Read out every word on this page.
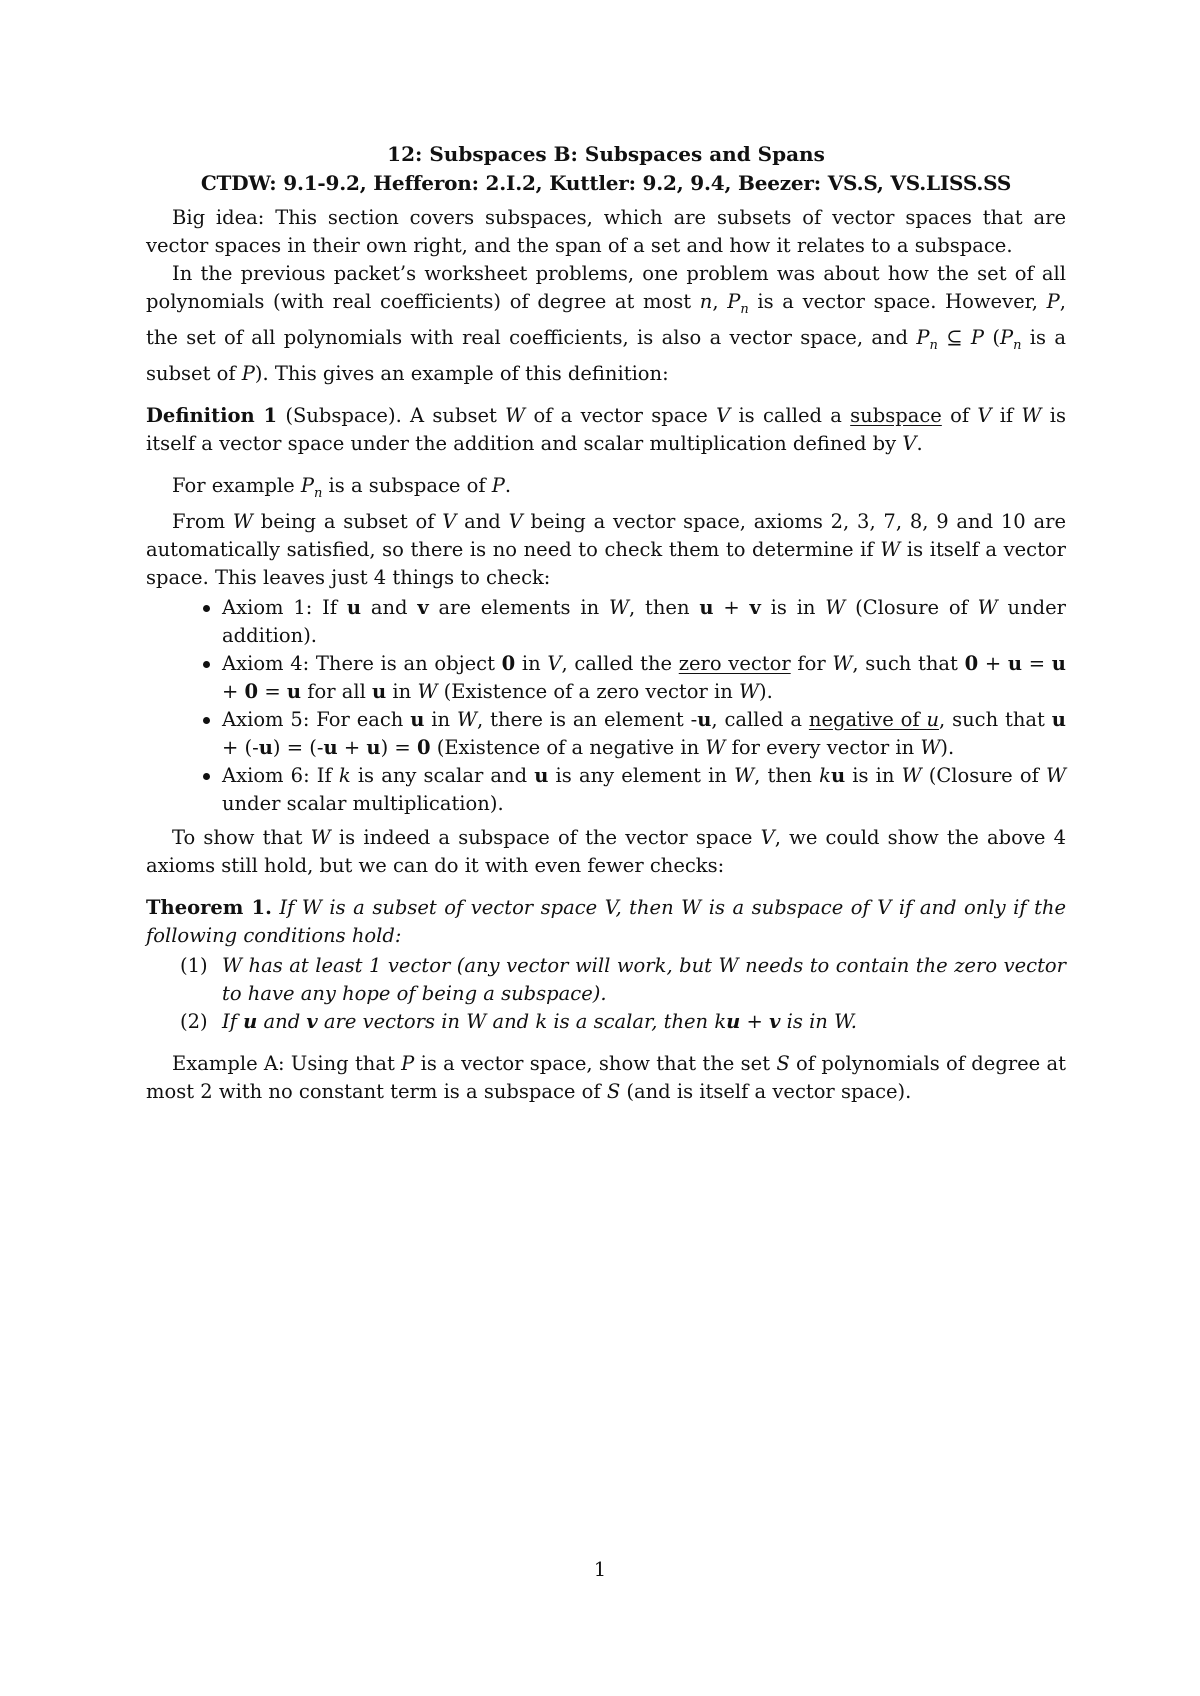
12: Subspaces B: Subspaces and Spans
CTDW: 9.1-9.2, Hefferon: 2.I.2, Kuttler: 9.2, 9.4, Beezer: VS.S, VS.LISS.SS

Big idea: This section covers subspaces, which are subsets of vector spaces that are vector spaces in their own right, and the span of a set and how it relates to a subspace.

In the previous packet’s worksheet problems, one problem was about how the set of all polynomials (with real coefficients) of degree at most n, $P_n$ is a vector space. However, P, the set of all polynomials with real coefficients, is also a vector space, and $P_n$ ⊆ P ($P_n$ is a subset of P). This gives an example of this definition:

Definition 1 (Subspace). A subset W of a vector space V is called a subspace of V if W is itself a vector space under the addition and scalar multiplication defined by V.

For example $P_n$ is a subspace of P.

From W being a subset of V and V being a vector space, axioms 2, 3, 7, 8, 9 and 10 are automatically satisfied, so there is no need to check them to determine if W is itself a vector space. This leaves just 4 things to check:

Axiom 1: If u and v are elements in W, then u + v is in W (Closure of W under addition).
Axiom 4: There is an object 0 in V, called the zero vector for W, such that 0 + u = u + 0 = u for all u in W (Existence of a zero vector in W).
Axiom 5: For each u in W, there is an element -u, called a negative of u, such that u + (-u) = (-u + u) = 0 (Existence of a negative in W for every vector in W).
Axiom 6: If k is any scalar and u is any element in W, then ku is in W (Closure of W under scalar multiplication).

To show that W is indeed a subspace of the vector space V, we could show the above 4 axioms still hold, but we can do it with even fewer checks:

Theorem 1. If W is a subset of vector space V, then W is a subspace of V if and only if the following conditions hold:

(1) W has at least 1 vector (any vector will work, but W needs to contain the zero vector to have any hope of being a subspace).
(2) If u and v are vectors in W and k is a scalar, then ku + v is in W.

Example A: Using that P is a vector space, show that the set S of polynomials of degree at most 2 with no constant term is a subspace of S (and is itself a vector space).

1
